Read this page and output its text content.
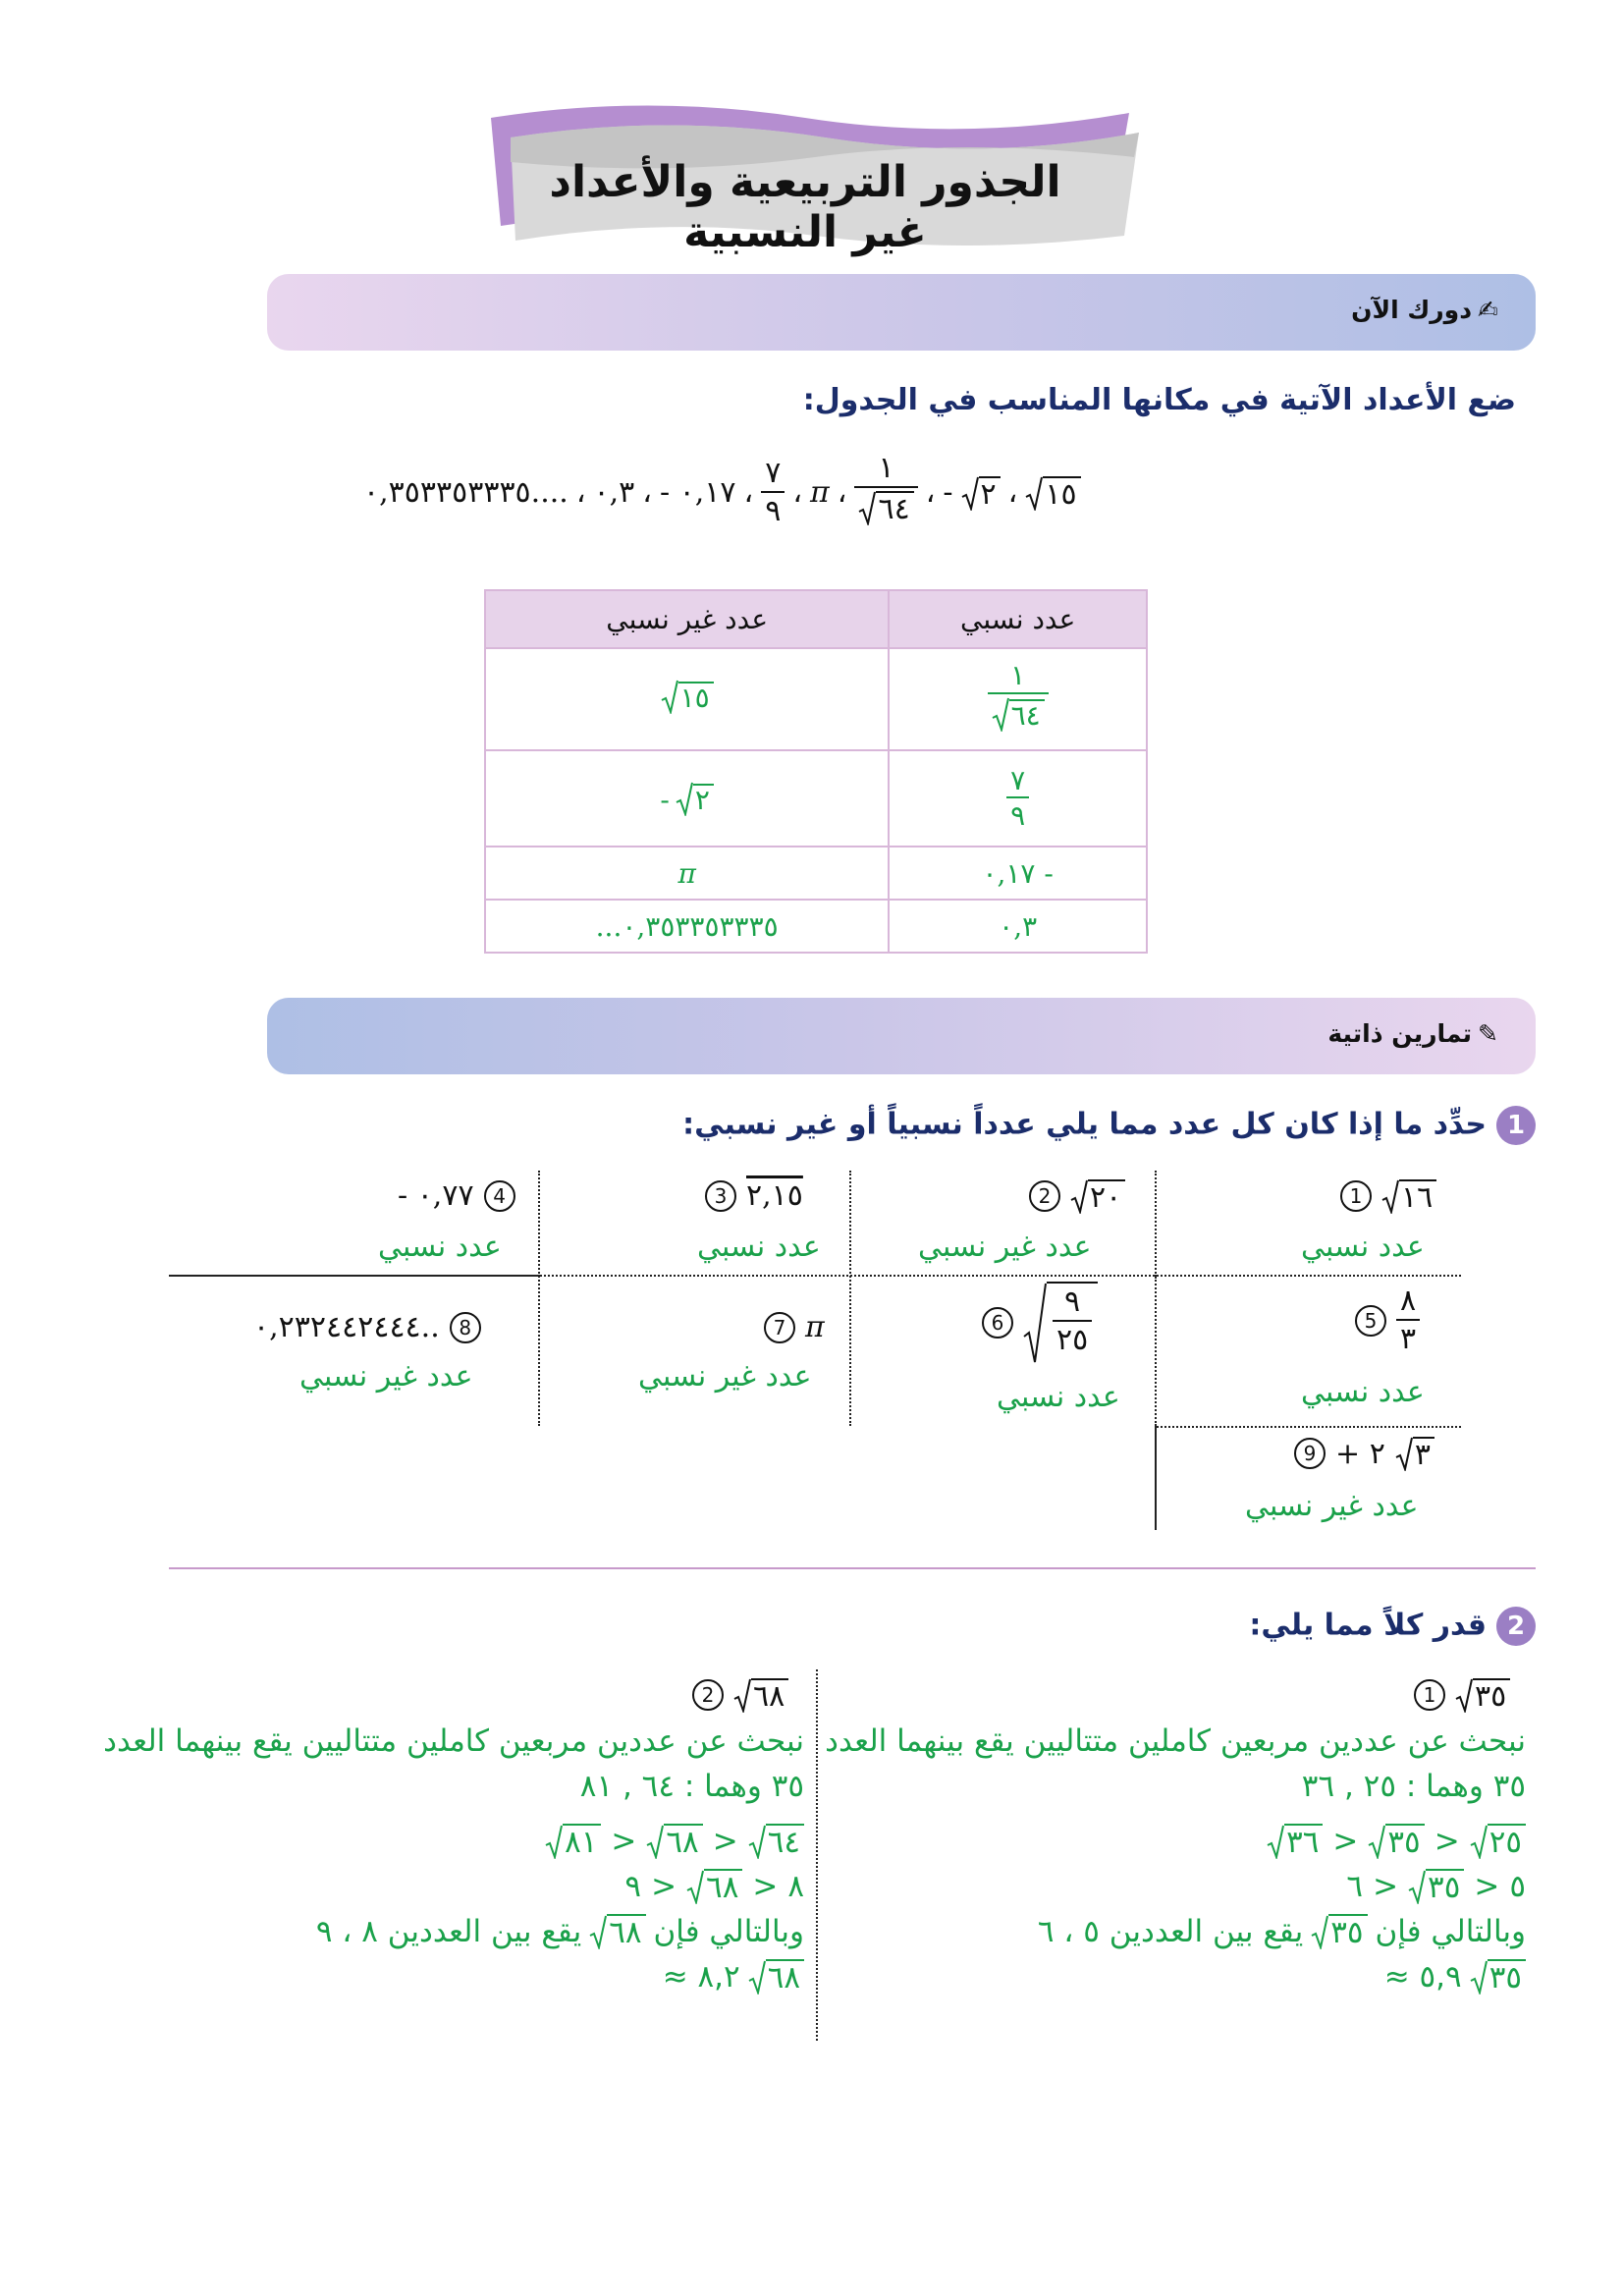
الجذور التربيعية والأعداد غير النسبية
✍
دورك الآن
ضع الأعداد الآتية في مكانها المناسب في الجدول:
٠,٣٥٣٣٥٣٣٣٥.... ، ٠,٣ ، - ٠,١٧ ، $\frac{٧}{٩}$ ، π ، $\frac{١}{٦٤}$ ، - ٢ ، ١٥
عدد نسبي	عدد غير نسبي

$\frac{١}{٦٤}$	١٥

$\frac{٧}{٩}$	- ٢

- ٠,١٧	π
٠,٣	٠,٣٥٣٣٥٣٣٣٥...
✎
تمارين ذاتية
1حدِّد ما إذا كان كل عدد مما يلي عدداً نسبياً أو غير نسبي:
١٦
1
عدد نسبي
٢٠
2
عدد غير نسبي
٢,١٥
3
عدد نسبي
- ٠,٧٧ 4
عدد نسبي
$\frac{٨}{٣}$
5
عدد نسبي
$\frac{٩}{٢٥}$
6
عدد نسبي
π
7
عدد غير نسبي
٠,٢٣٢٤٤٢٤٤٤.. 8
عدد غير نسبي
٣
٢ +
9
عدد غير نسبي
2قدر كلاً مما يلي:
٣٥
1
نبحث عن عددين مربعين كاملين متتاليين يقع بينهما العدد
٣٥ وهما : ٢٥ , ٣٦
٣٦ > ٣٥ > ٢٥
٦ > ٣٥ > ٥
وبالتالي فإن
٣٥
يقع بين العددين ٥ ، ٦
≈ ٥,٩ ٣٥
٦٨
2
نبحث عن عددين مربعين كاملين متتاليين يقع بينهما العدد
٣٥ وهما : ٦٤ , ٨١
٨١ > ٦٨ > ٦٤
٩ > ٦٨ > ٨
وبالتالي فإن
٦٨
يقع بين العددين ٨ ، ٩
≈ ٨,٢ ٦٨
